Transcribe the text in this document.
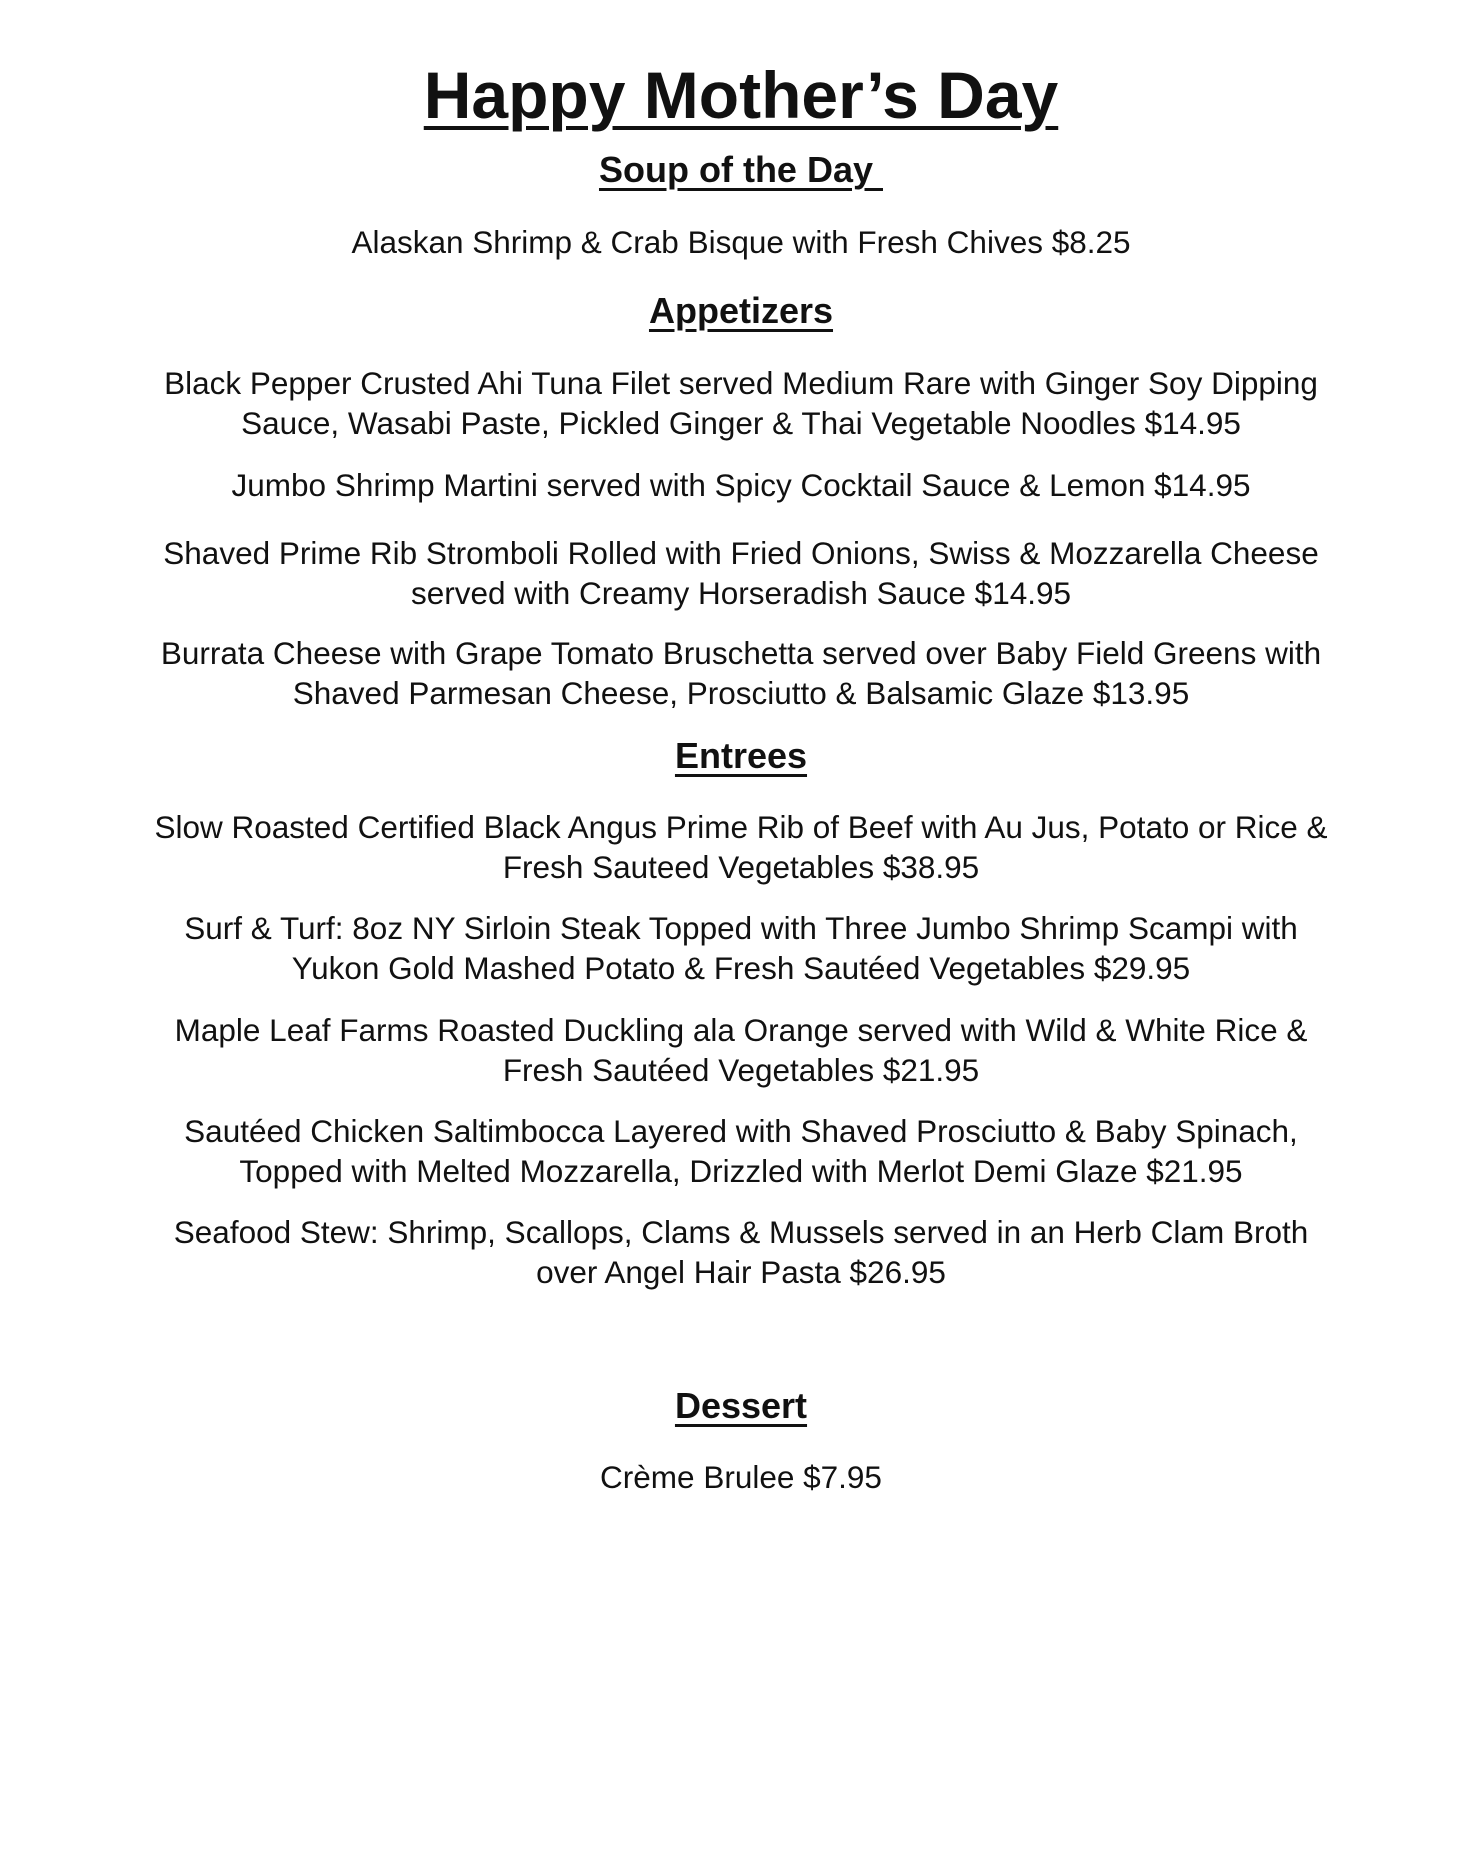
Happy Mother’s Day
Soup of the Day

Alaskan Shrimp & Crab Bisque with Fresh Chives $8.25

Appetizers

Black Pepper Crusted Ahi Tuna Filet served Medium Rare with Ginger Soy Dipping
Sauce, Wasabi Paste, Pickled Ginger & Thai Vegetable Noodles $14.95

Jumbo Shrimp Martini served with Spicy Cocktail Sauce & Lemon $14.95

Shaved Prime Rib Stromboli Rolled with Fried Onions, Swiss & Mozzarella Cheese
served with Creamy Horseradish Sauce $14.95

Burrata Cheese with Grape Tomato Bruschetta served over Baby Field Greens with
Shaved Parmesan Cheese, Prosciutto & Balsamic Glaze $13.95

Entrees

Slow Roasted Certified Black Angus Prime Rib of Beef with Au Jus, Potato or Rice &
Fresh Sauteed Vegetables $38.95

Surf & Turf: 8oz NY Sirloin Steak Topped with Three Jumbo Shrimp Scampi with
Yukon Gold Mashed Potato & Fresh Sautéed Vegetables $29.95

Maple Leaf Farms Roasted Duckling ala Orange served with Wild & White Rice &
Fresh Sautéed Vegetables $21.95

Sautéed Chicken Saltimbocca Layered with Shaved Prosciutto & Baby Spinach,
Topped with Melted Mozzarella, Drizzled with Merlot Demi Glaze $21.95

Seafood Stew: Shrimp, Scallops, Clams & Mussels served in an Herb Clam Broth
over Angel Hair Pasta $26.95

Dessert

Crème Brulee $7.95
